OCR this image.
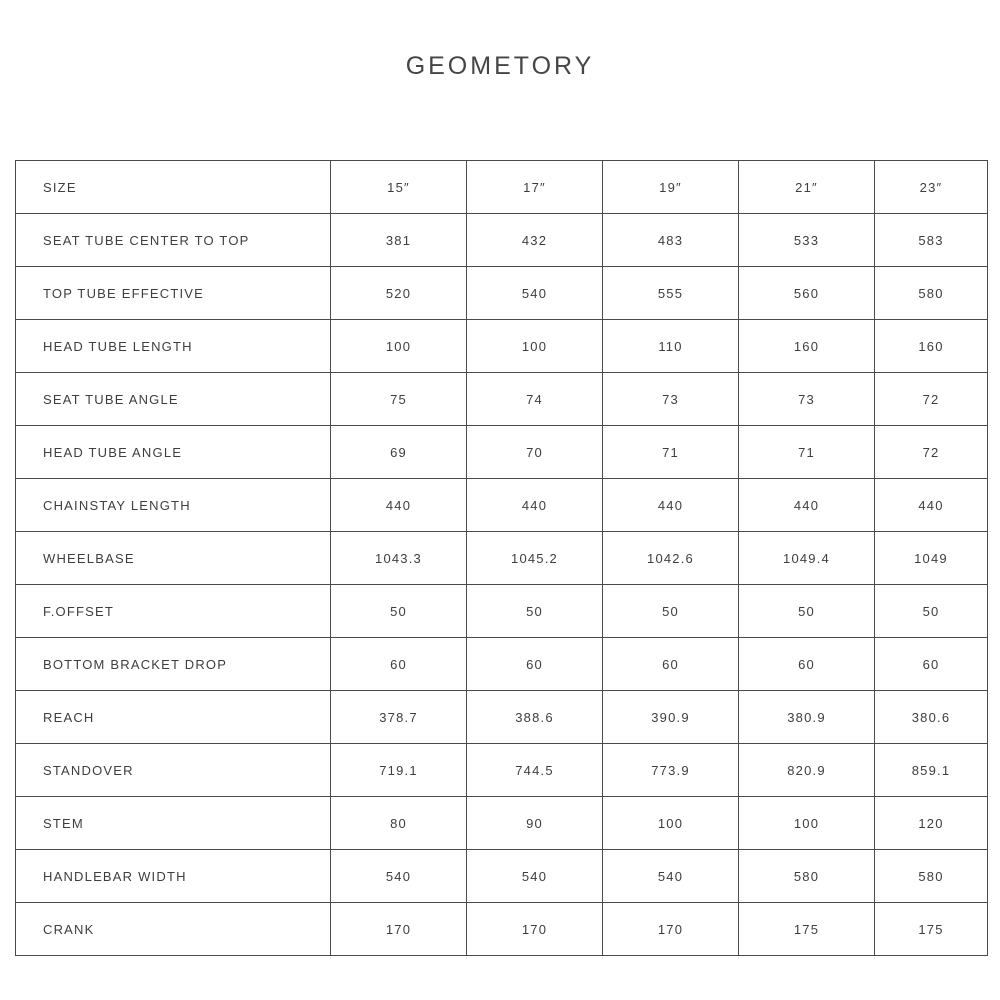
GEOMETORY
SIZE	15″	17″	19″	21″	23″
SEAT TUBE CENTER TO TOP	381	432	483	533	583
TOP TUBE EFFECTIVE	520	540	555	560	580
HEAD TUBE LENGTH	100	100	110	160	160
SEAT TUBE ANGLE	75	74	73	73	72
HEAD TUBE ANGLE	69	70	71	71	72
CHAINSTAY LENGTH	440	440	440	440	440
WHEELBASE	1043.3	1045.2	1042.6	1049.4	1049
F.OFFSET	50	50	50	50	50
BOTTOM BRACKET DROP	60	60	60	60	60
REACH	378.7	388.6	390.9	380.9	380.6
STANDOVER	719.1	744.5	773.9	820.9	859.1
STEM	80	90	100	100	120
HANDLEBAR WIDTH	540	540	540	580	580
CRANK	170	170	170	175	175
